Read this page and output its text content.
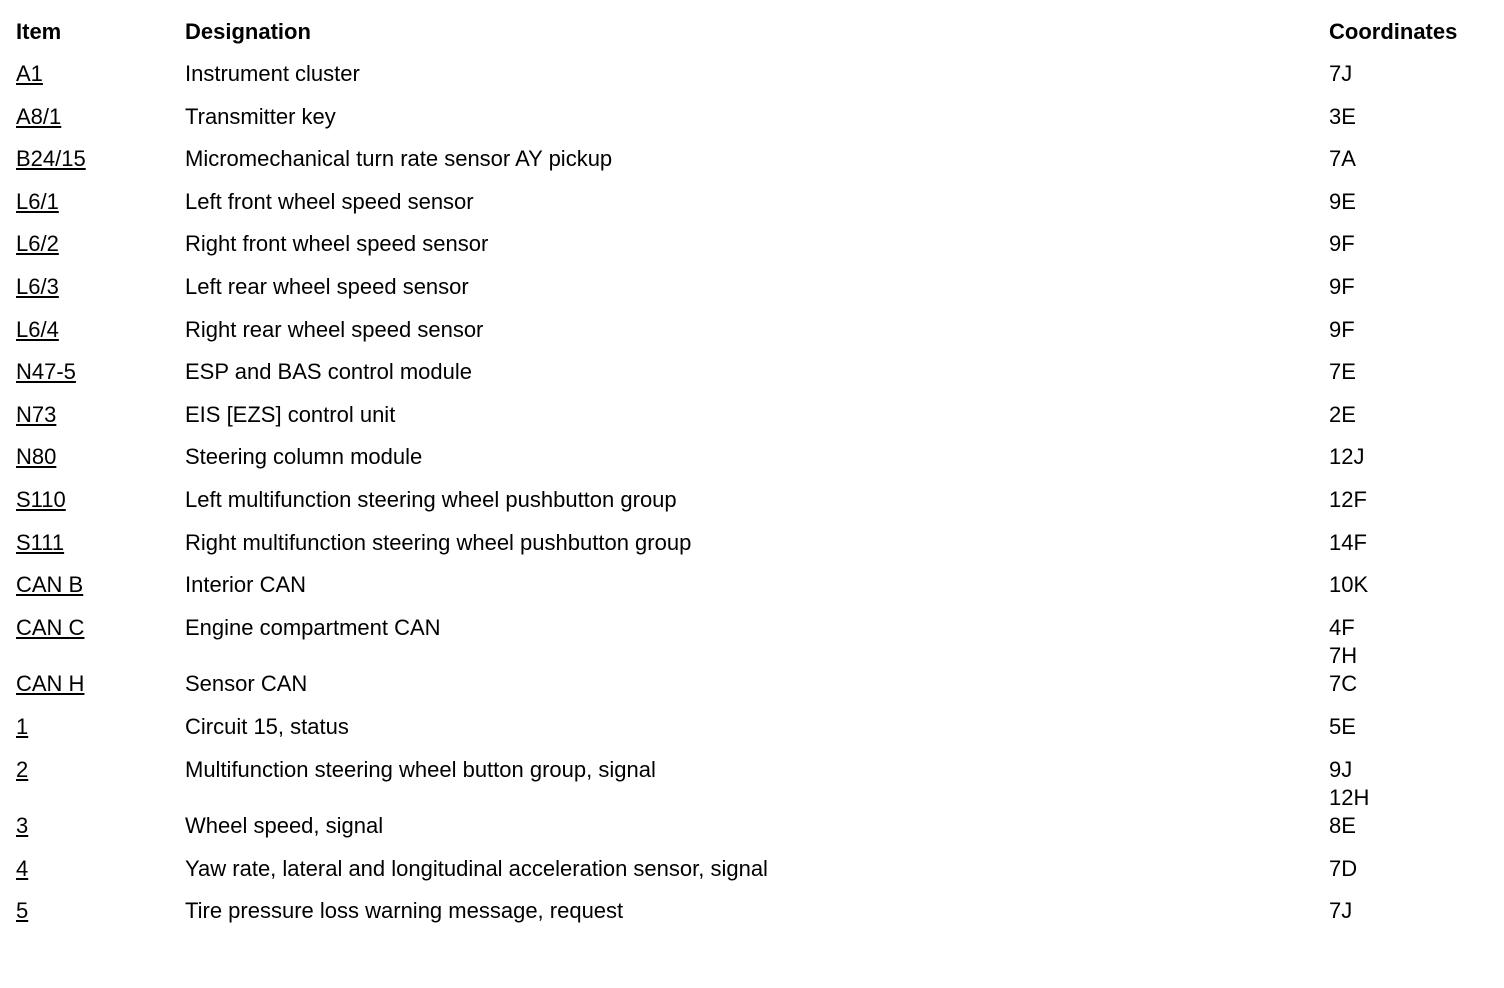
Item	Designation	Coordinates
A1	Instrument cluster	7J

A8/1	Transmitter key	3E

B24/15	Micromechanical turn rate sensor AY pickup	7A

L6/1	Left front wheel speed sensor	9E

L6/2	Right front wheel speed sensor	9F

L6/3	Left rear wheel speed sensor	9F

L6/4	Right rear wheel speed sensor	9F

N47-5	ESP and BAS control module	7E

N73	EIS [EZS] control unit	2E

N80	Steering column module	12J

S110	Left multifunction steering wheel pushbutton group	12F

S111	Right multifunction steering wheel pushbutton group	14F

CAN B	Interior CAN	10K

CAN C	Engine compartment CAN	4F
7H

CAN H	Sensor CAN	7C

1	Circuit 15, status	5E

2	Multifunction steering wheel button group, signal	9J
12H

3	Wheel speed, signal	8E

4	Yaw rate, lateral and longitudinal acceleration sensor, signal	7D

5	Tire pressure loss warning message, request	7J
